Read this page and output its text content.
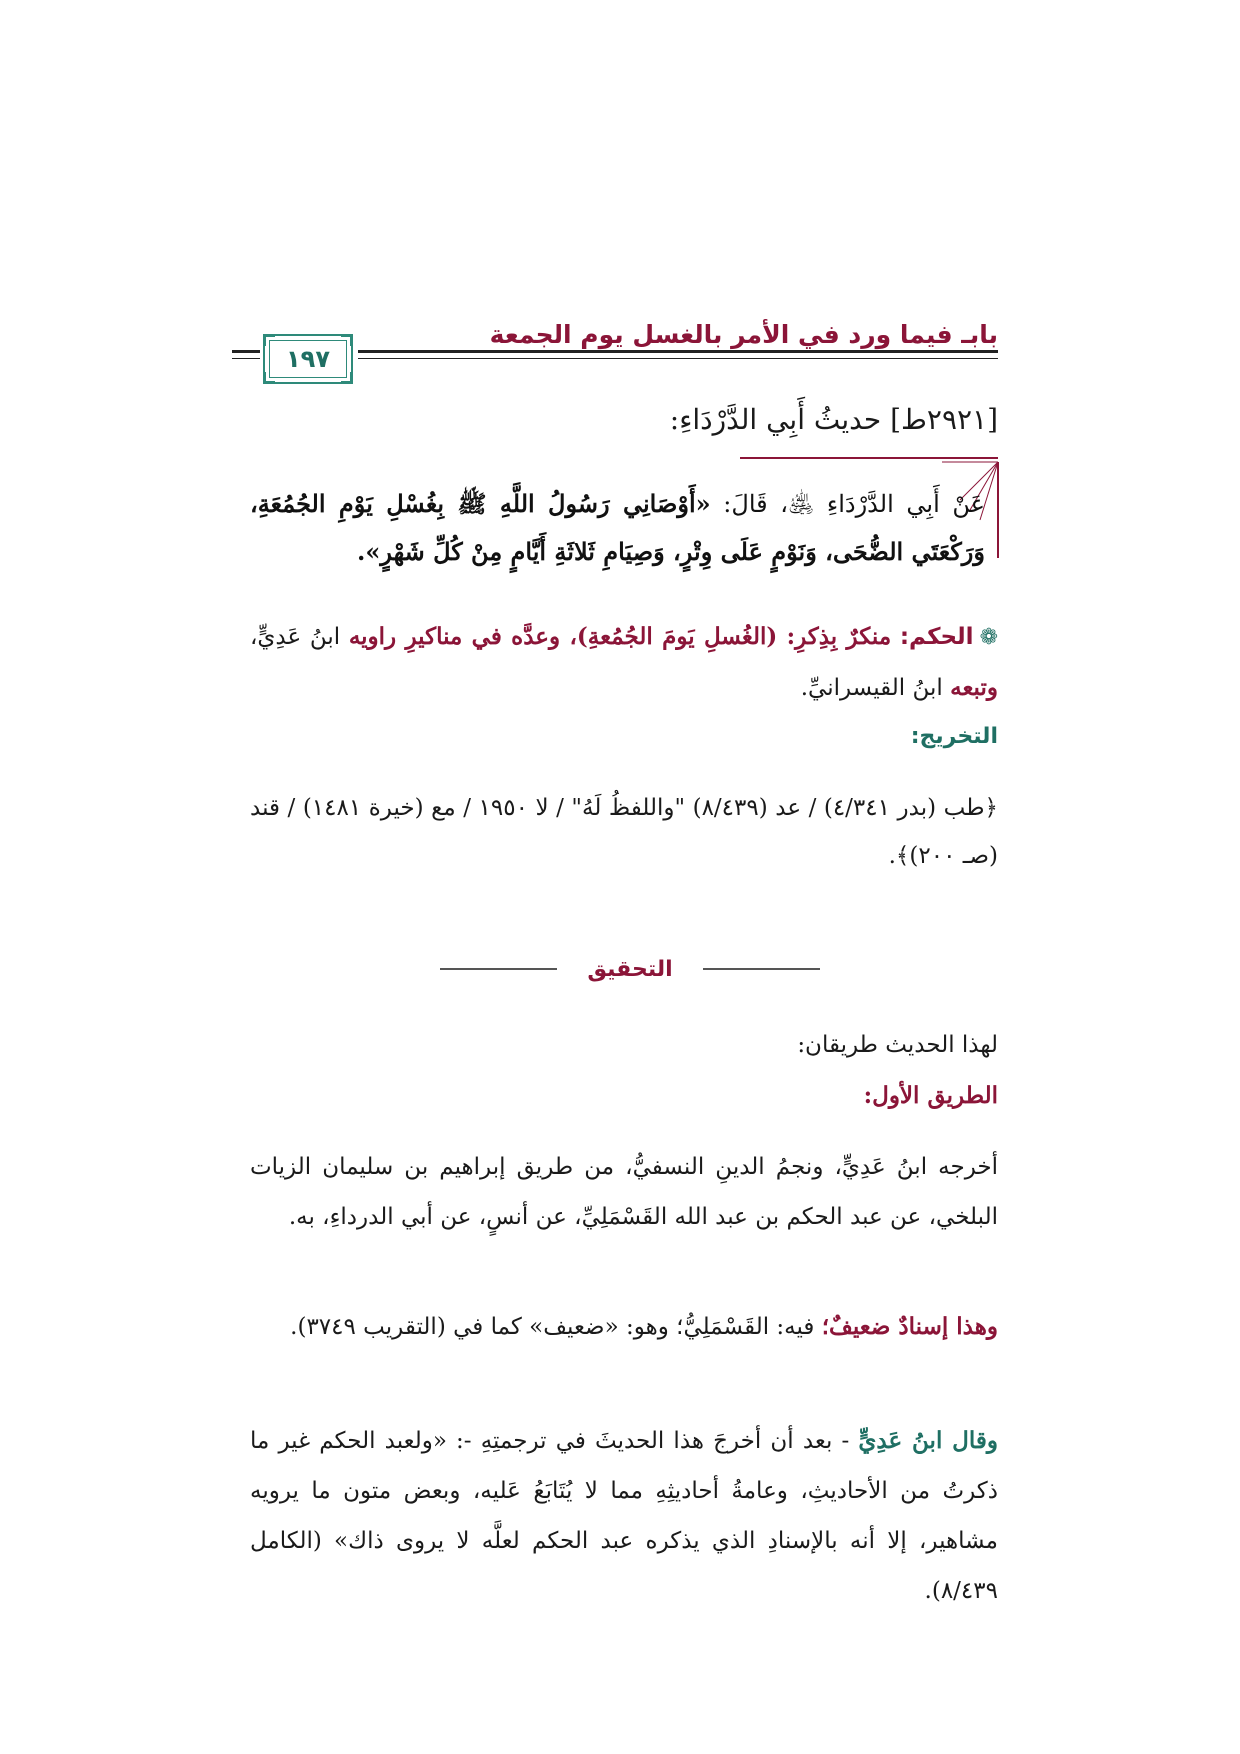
بابـ فيما ورد في الأمر بالغسل يوم الجمعة
١٩٧
[٢٩٢١ط] حديثُ أَبِي الدَّرْدَاءِ:
عَنْ أَبِي الدَّرْدَاءِ ﵁، قَالَ: «أَوْصَانِي رَسُولُ اللَّهِ ﷺ بِغُسْلِ يَوْمِ الجُمُعَةِ، وَرَكْعَتَي الضُّحَى، وَنَوْمٍ عَلَى وِتْرٍ، وَصِيَامِ ثَلاثَةِ أَيَّامٍ مِنْ كُلِّ شَهْرٍ».
❁الحكم: منكرٌ بِذِكرِ: (الغُسلِ يَومَ الجُمُعةِ)، وعدَّه في مناكيرِ راويه ابنُ عَدِيٍّ، وتبعه ابنُ القيسرانيِّ.
التخريج:
﴿طب (بدر ٤/٣٤١) / عد (٨/٤٣٩) "واللفظُ لَهُ" / لا ١٩٥٠ / مع (خيرة ١٤٨١) / قند (صـ ٢٠٠)﴾.
التحقيق
لهذا الحديث طريقان:
الطريق الأول:
أخرجه ابنُ عَدِيٍّ، ونجمُ الدينِ النسفيُّ، من طريق إبراهيم بن سليمان الزيات البلخي، عن عبد الحكم بن عبد الله القَسْمَلِيِّ، عن أنسٍ، عن أبي الدرداءِ، به.
وهذا إسنادٌ ضعيفٌ؛ فيه: القَسْمَلِيُّ؛ وهو: «ضعيف» كما في (التقريب ٣٧٤٩).
وقال ابنُ عَدِيٍّ - بعد أن أخرجَ هذا الحديثَ في ترجمتِهِ -: «ولعبد الحكم غير ما ذكرتُ من الأحاديثِ، وعامةُ أحاديثِهِ مما لا يُتَابَعُ عَليه، وبعض متون ما يرويه مشاهير، إلا أنه بالإسنادِ الذي يذكره عبد الحكم لعلَّه لا يروى ذاك» (الكامل ٨/٤٣٩).
